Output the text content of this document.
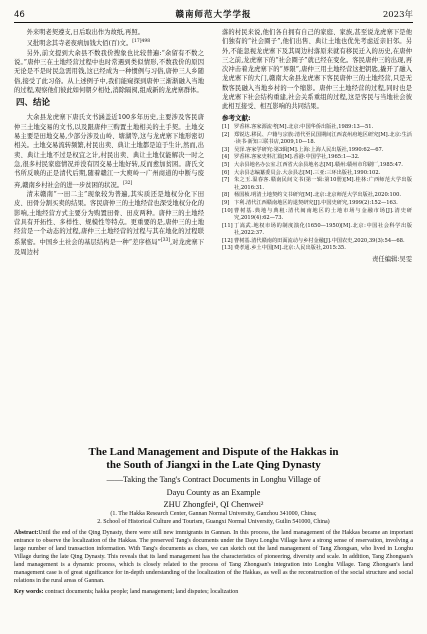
46	赣南师范大学学报	2023年

外来明老契遵支,日后取出作为故纸,再照。

又批明念其寺老夜病加钱大佰(百)文。$^{[17]498}$

另外,前文提到大余县不数我价搜象也比较普遍:“余留有不数之说。”唐仲三在土地经营过程中也时常遇到类似情形,不数我价的原因无论是不是时民急需用钱,这已经成为一种惯例与习俗,唐仲三人乡随俗,接受了此习俗。从上述例子中,我们能窥探到唐仲三渐渐融入当地的过程,观察他们彼此如何朝夕相处,消除隔阂,组成新的龙虎寨群体。

四、结论

大余县龙虎寨下唐氏文书涵盖近100多年历史,主要涉及客民唐仲三土地交易的文书,以及跟唐仲三购置土地相关的土手契。土地交易主要是田地交易,少部分涉及山岭、塘湖等,这与龙虎寨下地形密切相关。土地交易流转频繁,村民出卖、典让土地都是迫于生计,然而,出卖、典让土地不过是权宜之计,村民出卖、典让土地仅能解决一时之急,很多村民家庭情况并没有因交易土地好转,反而愈加贫困。唐氏文书所反映的正是清代后期,随着赣江一大庾岭一广州商道的中断与废弃,赣南乡村社会的进一步贫困的状况。[32]

清末赣南“一田二主”现象较为普遍,其实质还是地权分化下田皮、田骨分割买卖的结果。客民唐仲三的土地经营也深受地权分化的影响,土地经营方式主要分为购置田骨、田皮两种。唐仲三的土地经营具有开拓性、多样性、规模性等特点。更重要的是,唐仲三的土地经营是一个动态的过程,唐仲三土地经营的过程与其在地化的过程联系紧密。中国乡土社会的基层结构是一种“差序格局”[33],对龙虎寨下及周边村

落的村民来说,他们各自拥有自己的家庭、家族,甚至说龙虎寨下是他们独有的“社会圈子”,他们出售、典让土地也优先考虑近亲旧邻。另外,不能忽视龙虎寨下及其周边村落原来就有移民迁入的历史,在唐仲三之前,龙虎寨下的“社会圈子”就已经在变化。客民唐仲三的出现,再次冲击着龙虎寨下的“界限”,唐仲三用土地经营这把钥匙,撬开了融入龙虎寨下的大门,赣南大余县龙虎寨下客民唐仲三的土地经营,只是无数客民融入当地乡村的一个缩影。唐仲三土地经营的过程,同时也是龙虎寨下社会结构重建,社会关系重组的过程,这是客民与当地社会彼此相互接受、相互影响的共同结果。

参考文献:
[1] 罗香林.客家源流考[M].北京:中国华侨出版社,1989:13—51.
[2] 郑锐达.移民、户籍与宗族:清代至民国期间江西袁州府地区研究[M].北京:生活·读书·新知三联书店,2009,10—18.
[3] 吴泽.客家学研究:第3辑[M].上海:上海人民出版社,1990:62—67.
[4] 罗香林.客家史料汇篇[M].香港:中国学社,1965:1—32.
[5] 大余县地名办公室.江西省大余县地名志[M].赣州:赣州市印刷厂,1985:47.
[6] 大余县志编纂委员会.大余县志[M].三亚:三环出版社,1990:102.
[7] 朱之玉.温春客.赣南民间文书(第一辑:第10册)[M].桂林:广西师范大学出版社,2016:31.
[8] 杨国桢.明清土地契约文书研究[M].北京:北京师范大学出版社,2020:100.
[9] 卞利.清代江西赣南地区的退契研究[J].中国史研究,1999(2):152—163.
[10] 曹树基.典地与典租:清代闽南地区的土地市场与金融市场[J].清史研究,2019(4):62—73.
[11] 丁嵩武.地权市场的制度演化(1650—1950)[M].北京:中国社会科学出版社,2022:37.
[12] 曹树基.清代赣南的田面流动与乡村金融[J].中国农史,2020,39(3):54—68.
[13] 费孝通.乡土中国[M].北京:人民出版社,2015:35.
责任编辑:吴雯
The Land Management and Dispute of the Hakkas in
the South of Jiangxi in the Late Qing Dynasty
——Taking the Tang's Contract Documents in Longhu Village of
Dayu County as an Example
ZHU Zhongfei¹, QI Chenwei²
(1. The Hakka Research Center, Gannan Normal University, Ganzhou 341000, China;
2. School of Historical Culture and Tourism, Guangxi Normal University, Guilin 541000, China)
Abstract:Until the end of the Qing Dynasty, there were still new immigrants in Gannan. In this process, the land management of the Hakkas became an important entrance to observe the localization of the Hakkas. The preserved Tang's documents under the Dayu Longhu Village have a strong sense of reservation, involving a large number of land transaction information. With Tang's documents as clues, we can sketch out the land management of Tang Zhongsan, who lived in Longhu Village during the late Qing Dynasty. This reveals that its land management has the characteristics of pioneering, diversity and scale. In addition, Tang Zhongsan's land management is a dynamic process, which is closely related to the process of Tang Zhongsan's integration into Longhu Village. Tang Zhongsan's land management case is of great significance for in-depth understanding of the localization of the Hakkas, as well as the reconstruction of the social structure and social relations in the rural areas of Gannan.
Key words: contract documents; hakka people; land management; land disputes; localization
